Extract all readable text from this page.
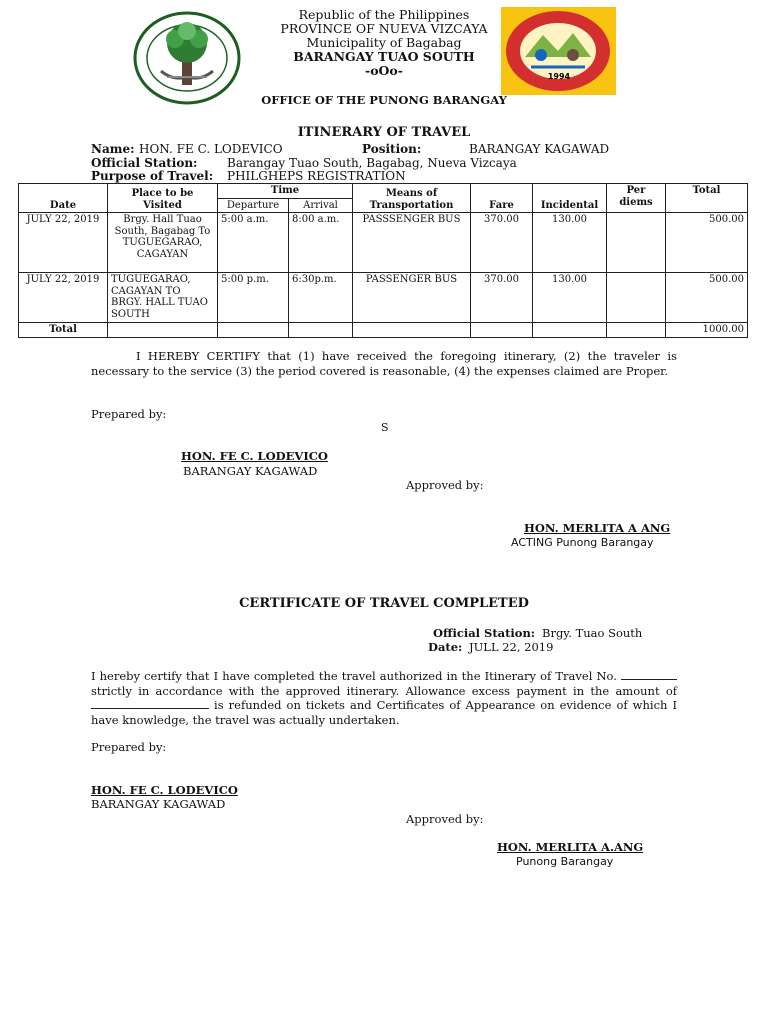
1994
Republic of the Philippines
PROVINCE OF NUEVA VIZCAYA
Municipality of Bagabag
BARANGAY TUAO SOUTH
-oOo-
OFFICE OF THE PUNONG BARANGAY
ITINERARY OF TRAVEL
Name: HON. FE C. LODEVICO	Position:	BARANGAY KAGAWAD
Official Station: Barangay Tuao South, Bagabag, Nueva Vizcaya
Purpose of Travel: PHILGHEPS REGISTRATION
Date	Place to be Visited	Time		Means of Transportation	Fare	Incidental	Per diems	Total
		Departure	Arrival					
JULY 22, 2019	Brgy. Hall Tuao South, Bagabag To TUGUEGARAO, CAGAYAN	5:00 a.m.	8:00 a.m.	PASSSENGER BUS	370.00	130.00		500.00
JULY 22, 2019	TUGUEGARAO, CAGAYAN TO BRGY. HALL TUAO SOUTH	5:00 p.m.	6:30p.m.	PASSENGER BUS	370.00	130.00		500.00
Total								1000.00
I HEREBY CERTIFY that (1) have received the foregoing itinerary, (2) the traveler is necessary to the service (3) the period covered is reasonable, (4) the expenses claimed are Proper.
Prepared by:
S
HON. FE C. LODEVICO
BARANGAY KAGAWAD
Approved by:
HON. MERLITA A ANG
ACTING Punong Barangay
CERTIFICATE OF TRAVEL COMPLETED
Official Station: Brgy. Tuao South
Date: JULL 22, 2019
I hereby certify that I have completed the travel authorized in the Itinerary of Travel No.  strictly in accordance with the approved itinerary. Allowance excess payment in the amount of  is refunded on tickets and Certificates of Appearance on evidence of which I have knowledge, the travel was actually undertaken.
Prepared by:
HON. FE C. LODEVICO
BARANGAY KAGAWAD
Approved by:
HON. MERLITA A.ANG
Punong Barangay
